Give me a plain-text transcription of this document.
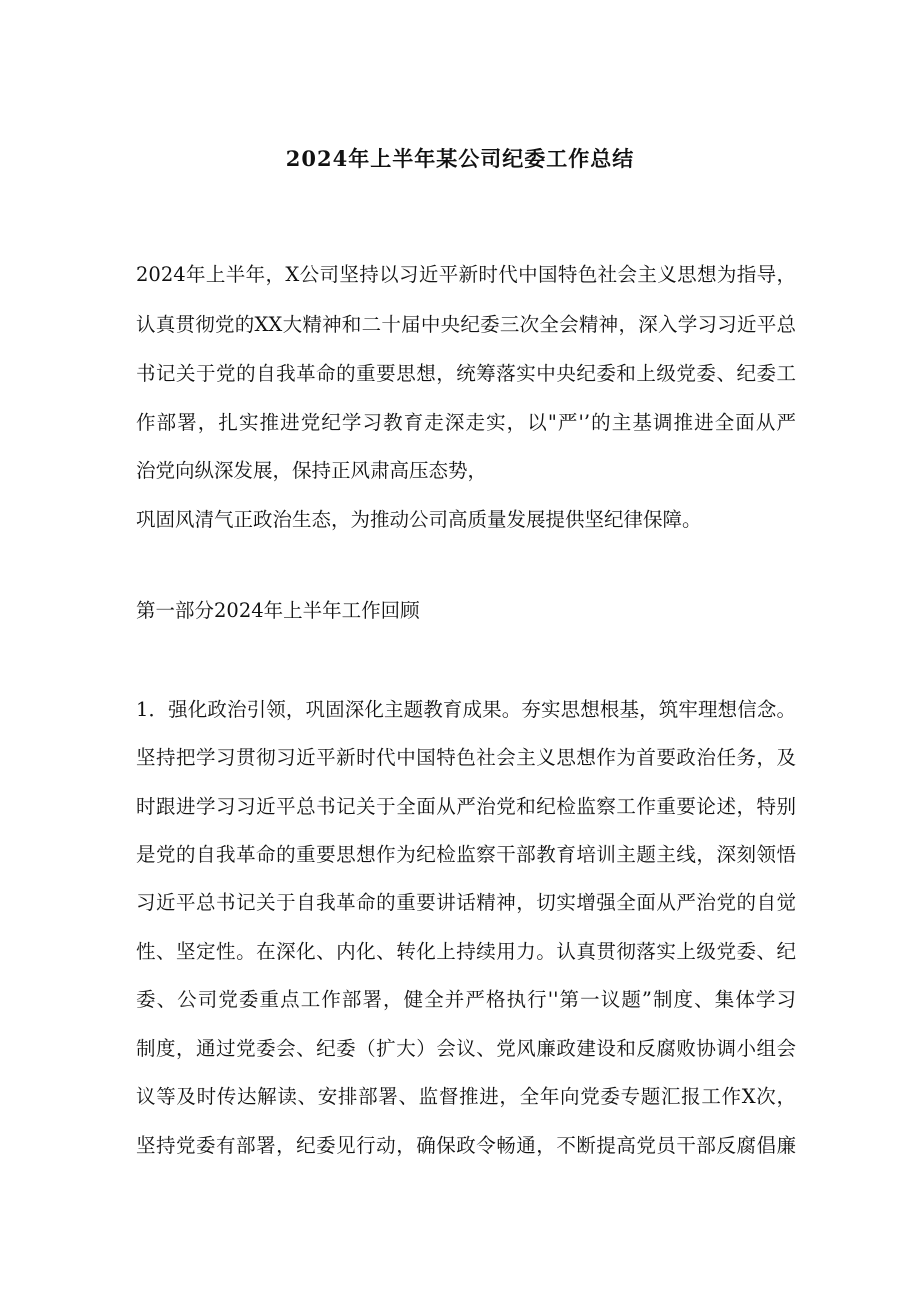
2024年上半年某公司纪委工作总结
2024年上半年，X公司坚持以习近平新时代中国特色社会主义思想为指导，
认真贯彻党的XX大精神和二十届中央纪委三次全会精神，深入学习习近平总
书记关于党的自我革命的重要思想，统筹落实中央纪委和上级党委、纪委工
作部署，扎实推进党纪学习教育走深走实，以"严'’的主基调推进全面从严
治党向纵深发展，保持正风肃高压态势，
巩固风清气正政治生态，为推动公司高质量发展提供坚纪律保障。
第一部分2024年上半年工作回顾
1．强化政治引领，巩固深化主题教育成果。夯实思想根基，筑牢理想信念。
坚持把学习贯彻习近平新时代中国特色社会主义思想作为首要政治任务，及
时跟进学习习近平总书记关于全面从严治党和纪检监察工作重要论述，特别
是党的自我革命的重要思想作为纪检监察干部教育培训主题主线，深刻领悟
习近平总书记关于自我革命的重要讲话精神，切实增强全面从严治党的自觉
性、坚定性。在深化、内化、转化上持续用力。认真贯彻落实上级党委、纪
委、公司党委重点工作部署，健全并严格执行''第一议题”制度、集体学习
制度，通过党委会、纪委（扩大）会议、党风廉政建设和反腐败协调小组会
议等及时传达解读、安排部署、监督推进，全年向党委专题汇报工作X次，
坚持党委有部署，纪委见行动，确保政令畅通，不断提高党员干部反腐倡廉
